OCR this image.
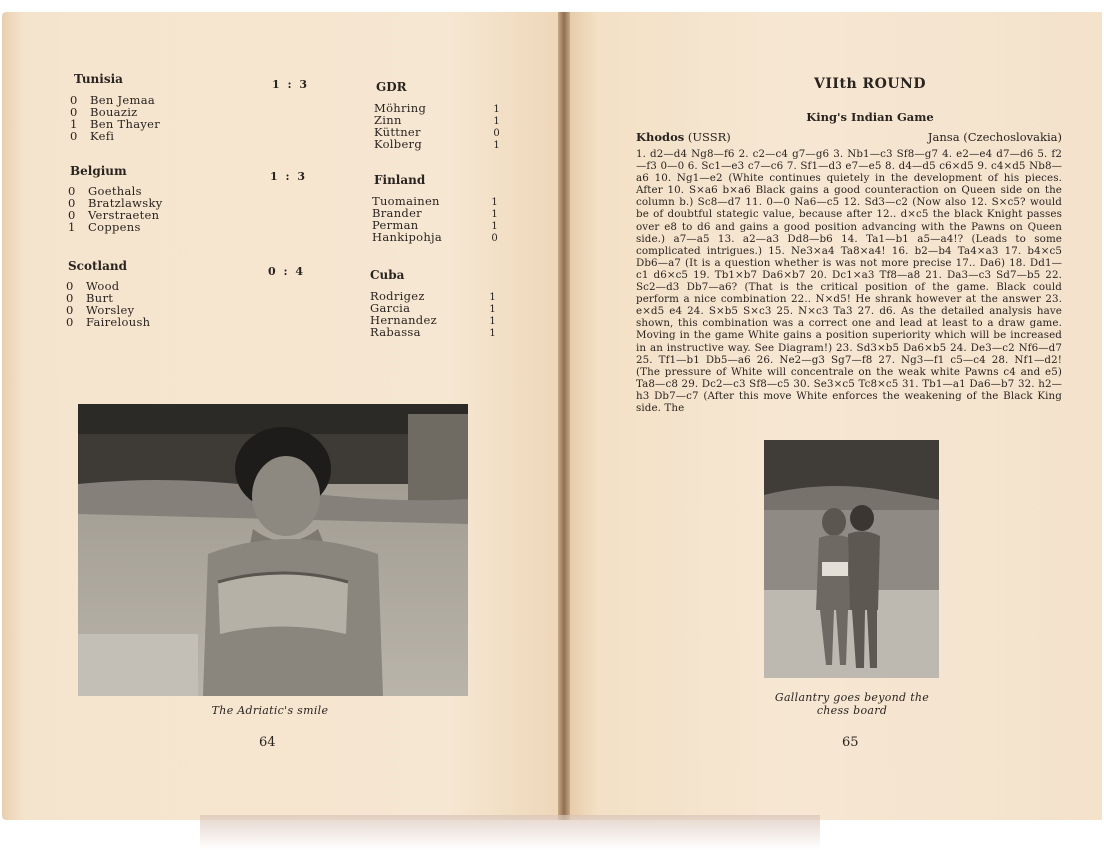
Tunisia	1 : 3	GDR
0 Ben Jemaa
0 Bouaziz
1 Ben Thayer
0 Kefi
Möhring	1
Zinn	1
Küttner	0
Kolberg	1
Belgium	1 : 3	Finland
0 Goethals
0 Bratzlawsky
0 Verstraeten
1 Coppens
Tuomainen	1
Brander	1
Perman	1
Hankipohja	0
Scotland	0 : 4	Cuba
0 Wood
0 Burt
0 Worsley
0 Faireloush
Rodrigez	1
Garcia	1
Hernandez	1
Rabassa	1
The Adriatic's smile
64
VIIth ROUND
King's Indian Game
Khodos (USSR)	Jansa (Czechoslovakia)
1. d2—d4 Ng8—f6 2. c2—c4 g7—g6 3. Nb1—c3 Sf8—g7 4. e2—e4 d7—d6 5. f2—f3 0—0 6. Sc1—e3 c7—c6 7. Sf1—d3 e7—e5 8. d4—d5 c6×d5 9. c4×d5 Nb8—a6 10. Ng1—e2 (White continues quietely in the development of his pieces. After 10. S×a6 b×a6 Black gains a good counteraction on Queen side on the column b.) Sc8—d7 11. 0—0 Na6—c5 12. Sd3—c2 (Now also 12. S×c5? would be of doubtful stategic value, because after 12.. d×c5 the black Knight passes over e8 to d6 and gains a good position advancing with the Pawns on Queen side.) a7—a5 13. a2—a3 Dd8—b6 14. Ta1—b1 a5—a4!? (Leads to some complicated intrigues.) 15. Ne3×a4 Ta8×a4! 16. b2—b4 Ta4×a3 17. b4×c5 Db6—a7 (It is a question whether is was not more precise 17.. Da6) 18. Dd1—c1 d6×c5 19. Tb1×b7 Da6×b7 20. Dc1×a3 Tf8—a8 21. Da3—c3 Sd7—b5 22. Sc2—d3 Db7—a6? (That is the critical position of the game. Black could perform a nice combination 22.. N×d5! He shrank however at the answer 23. e×d5 e4 24. S×b5 S×c3 25. N×c3 Ta3 27. d6. As the detailed analysis have shown, this combination was a correct one and lead at least to a draw game. Moving in the game White gains a position superiority which will be increased in an instructive way. See Diagram!) 23. Sd3×b5 Da6×b5 24. De3—c2 Nf6—d7 25. Tf1—b1 Db5—a6 26. Ne2—g3 Sg7—f8 27. Ng3—f1 c5—c4 28. Nf1—d2! (The pressure of White will concentrale on the weak white Pawns c4 and e5) Ta8—c8 29. Dc2—c3 Sf8—c5 30. Se3×c5 Tc8×c5 31. Tb1—a1 Da6—b7 32. h2—h3 Db7—c7 (After this move White enforces the weakening of the Black King side. The
Gallantry goes beyond the chess board
65
